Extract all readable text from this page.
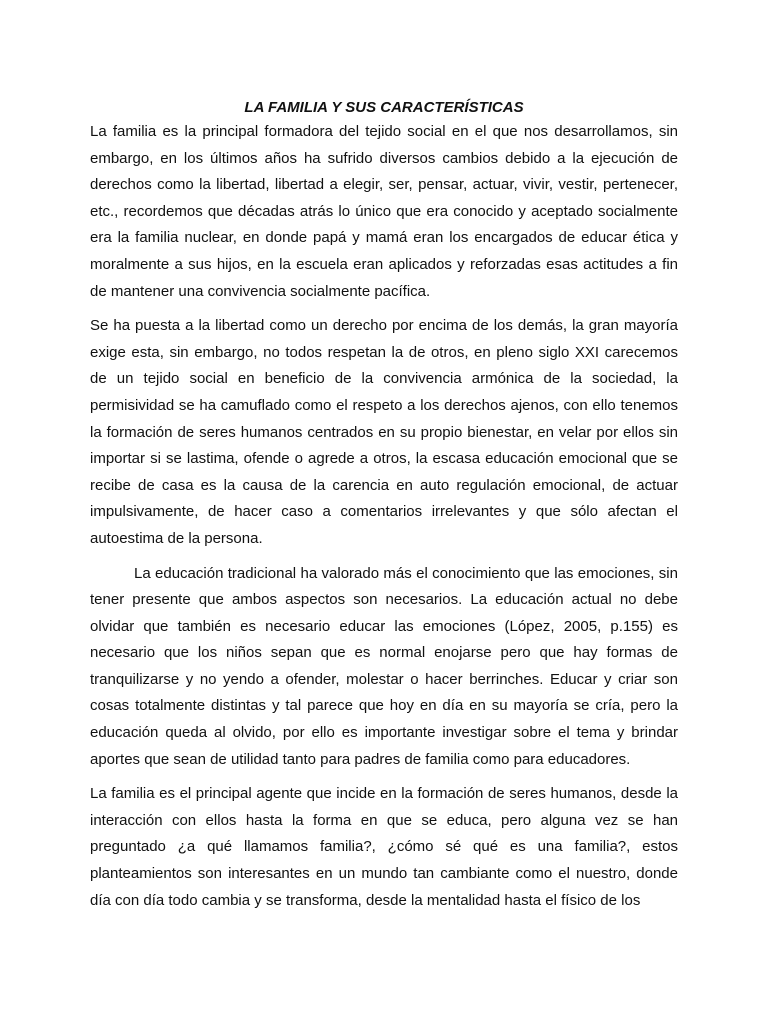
LA FAMILIA Y SUS CARACTERÍSTICAS

La familia es la principal formadora del tejido social en el que nos desarrollamos, sin embargo, en los últimos años ha sufrido diversos cambios debido a la ejecución de derechos como la libertad, libertad a elegir, ser, pensar, actuar, vivir, vestir, pertenecer, etc., recordemos que décadas atrás lo único que era conocido y aceptado socialmente era la familia nuclear, en donde papá y mamá eran los encargados de educar ética y moralmente a sus hijos, en la escuela eran aplicados y reforzadas esas actitudes a fin de mantener una convivencia socialmente pacífica.

Se ha puesta a la libertad como un derecho por encima de los demás, la gran mayoría exige esta, sin embargo, no todos respetan la de otros, en pleno siglo XXI carecemos de un tejido social en beneficio de la convivencia armónica de la sociedad, la permisividad se ha camuflado como el respeto a los derechos ajenos, con ello tenemos la formación de seres humanos centrados en su propio bienestar, en velar por ellos sin importar si se lastima, ofende o agrede a otros, la escasa educación emocional que se recibe de casa es la causa de la carencia en auto regulación emocional, de actuar impulsivamente, de hacer caso a comentarios irrelevantes y que sólo afectan el autoestima de la persona.

La educación tradicional ha valorado más el conocimiento que las emociones, sin tener presente que ambos aspectos son necesarios. La educación actual no debe olvidar que también es necesario educar las emociones (López, 2005, p.155) es necesario que los niños sepan que es normal enojarse pero que hay formas de tranquilizarse y no yendo a ofender, molestar o hacer berrinches. Educar y criar son cosas totalmente distintas y tal parece que hoy en día en su mayoría se cría, pero la educación queda al olvido, por ello es importante investigar sobre el tema y brindar aportes que sean de utilidad tanto para padres de familia como para educadores.

La familia es el principal agente que incide en la formación de seres humanos, desde la interacción con ellos hasta la forma en que se educa, pero alguna vez se han preguntado ¿a qué llamamos familia?, ¿cómo sé qué es una familia?, estos planteamientos son interesantes en un mundo tan cambiante como el nuestro, donde día con día todo cambia y se transforma, desde la mentalidad hasta el físico de los
